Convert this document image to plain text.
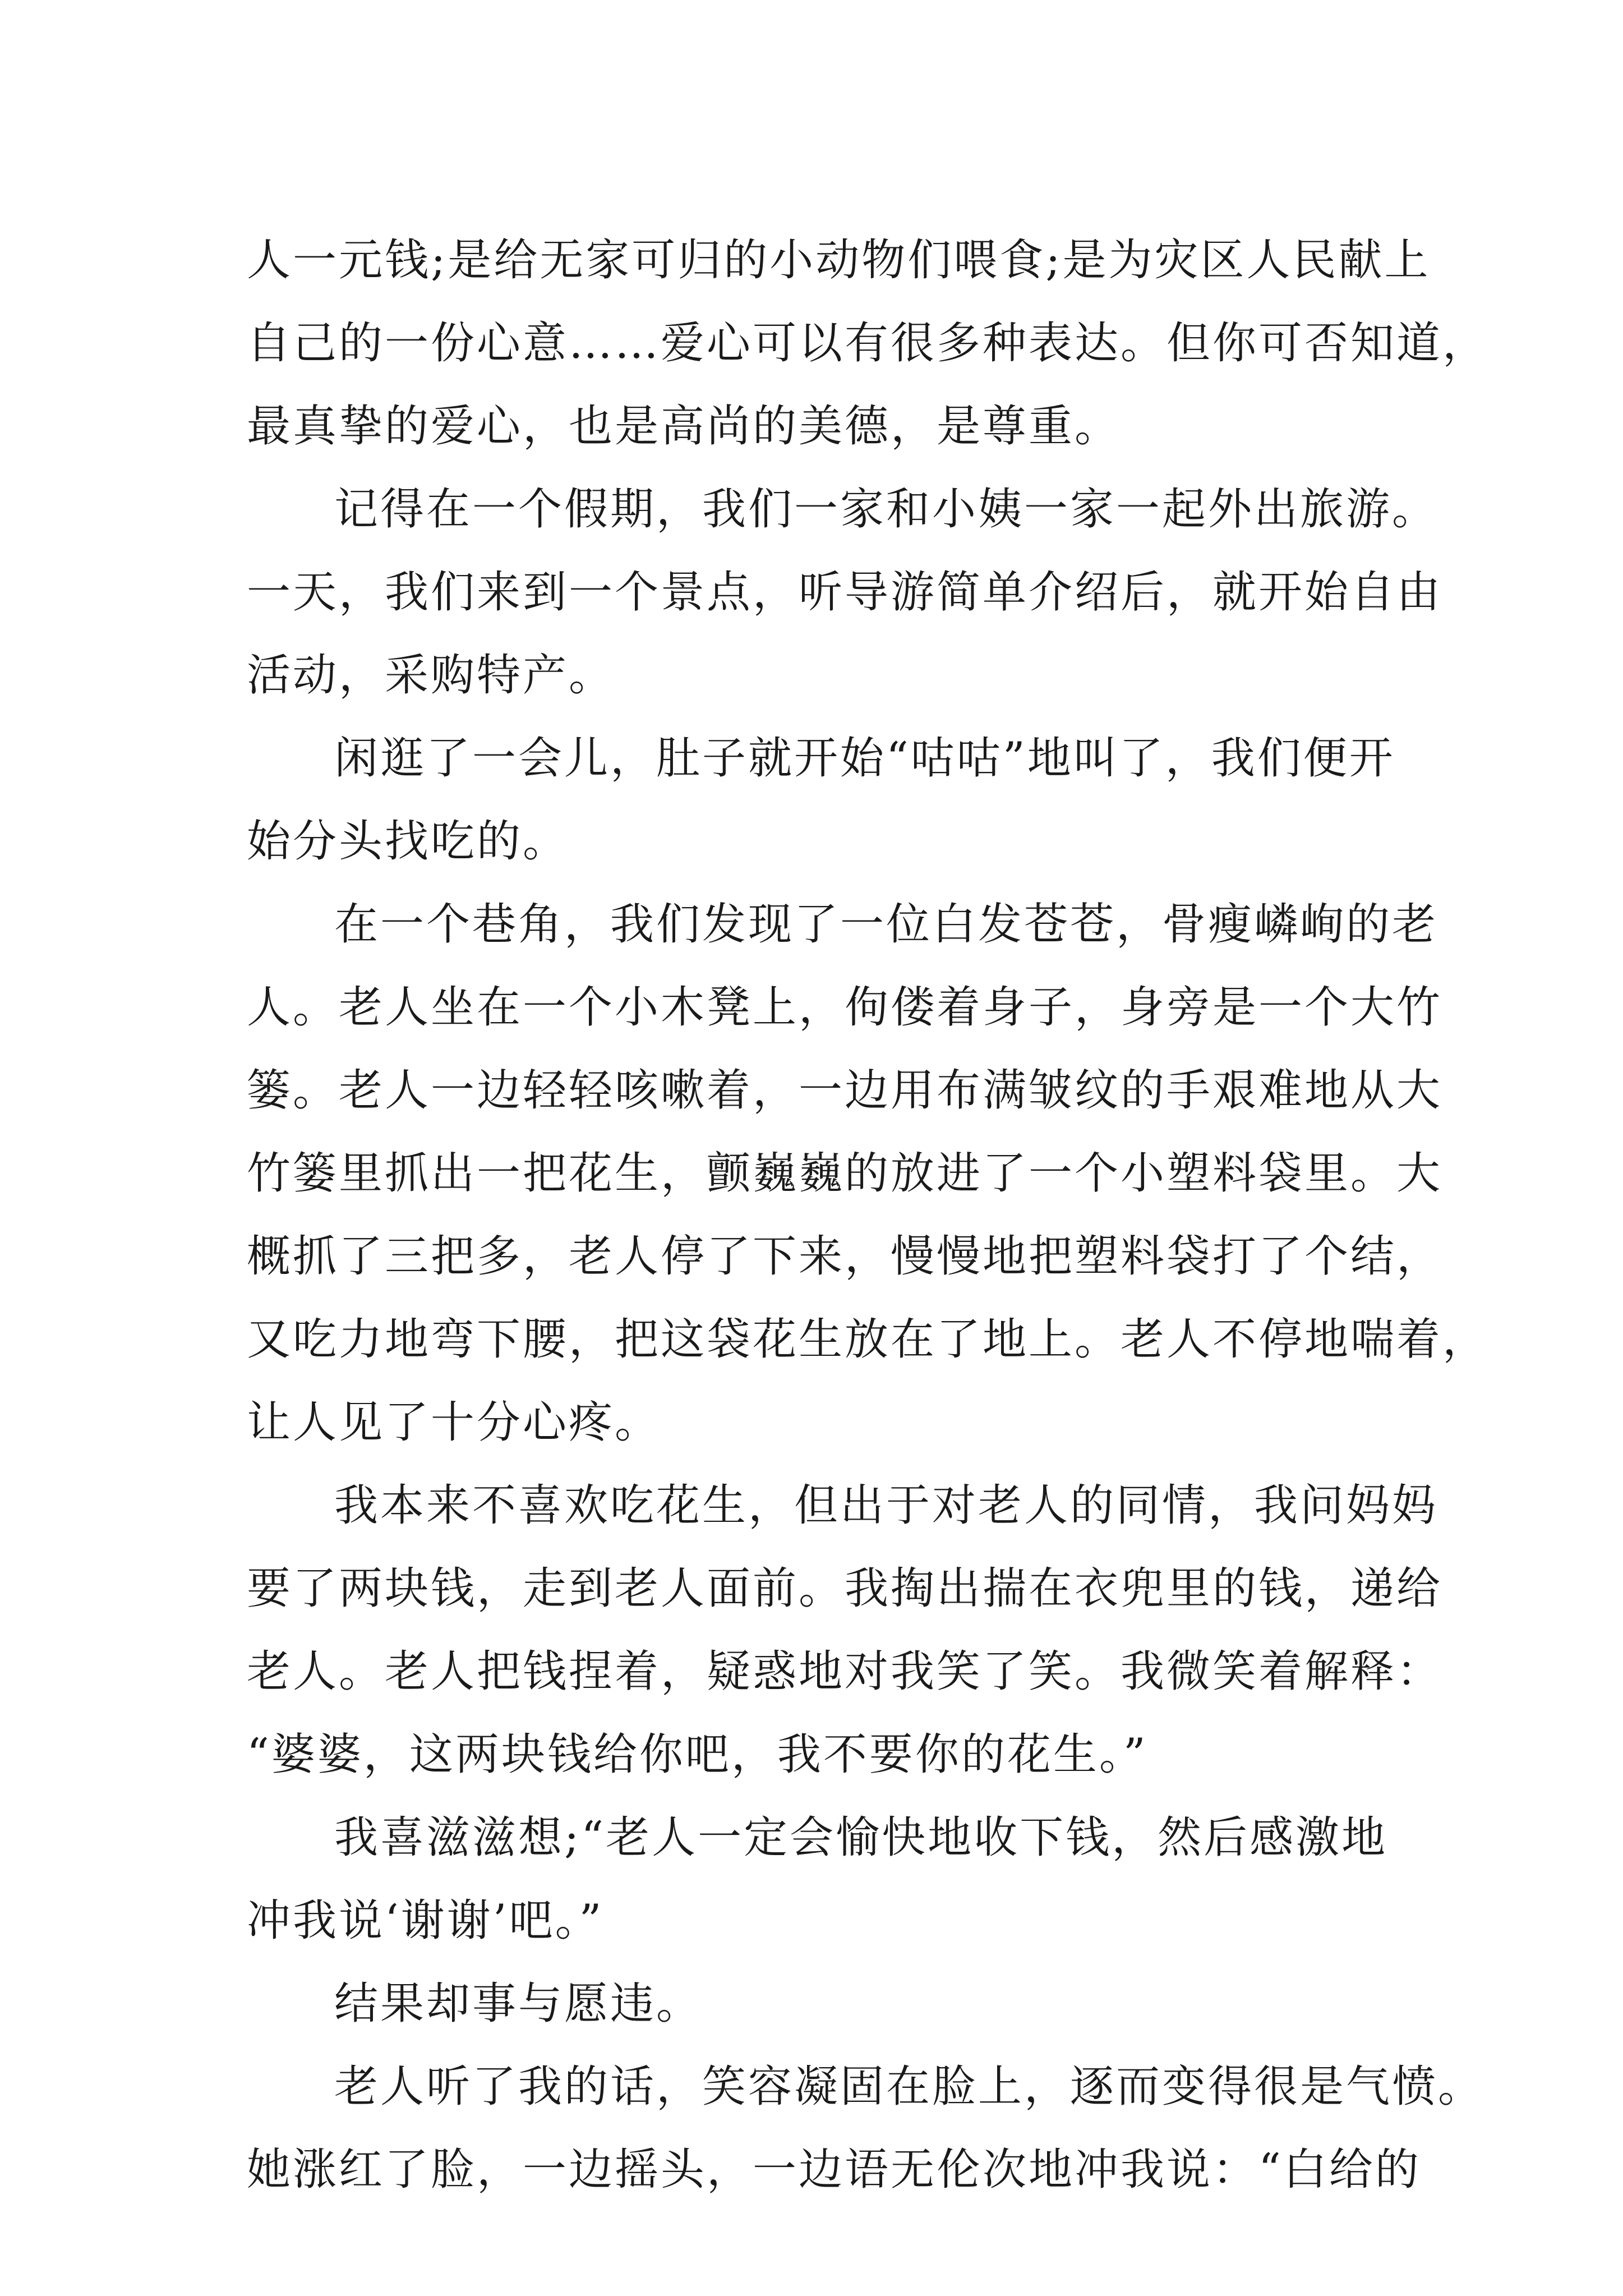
人一元钱;是给无家可归的小动物们喂食;是为灾区人民献上
自己的一份心意……爱心可以有很多种表达。但你可否知道，
最真挚的爱心，也是高尚的美德，是尊重。
记得在一个假期，我们一家和小姨一家一起外出旅游。
一天，我们来到一个景点，听导游简单介绍后，就开始自由
活动，采购特产。
闲逛了一会儿，肚子就开始“咕咕”地叫了，我们便开
始分头找吃的。
在一个巷角，我们发现了一位白发苍苍，骨瘦嶙峋的老
人。老人坐在一个小木凳上，佝偻着身子，身旁是一个大竹
篓。老人一边轻轻咳嗽着，一边用布满皱纹的手艰难地从大
竹篓里抓出一把花生，颤巍巍的放进了一个小塑料袋里。大
概抓了三把多，老人停了下来，慢慢地把塑料袋打了个结，
又吃力地弯下腰，把这袋花生放在了地上。老人不停地喘着，
让人见了十分心疼。
我本来不喜欢吃花生，但出于对老人的同情，我问妈妈
要了两块钱，走到老人面前。我掏出揣在衣兜里的钱，递给
老人。老人把钱捏着，疑惑地对我笑了笑。我微笑着解释：
“婆婆，这两块钱给你吧，我不要你的花生。”
我喜滋滋想;“老人一定会愉快地收下钱，然后感激地
冲我说‘谢谢’吧。”
结果却事与愿违。
老人听了我的话，笑容凝固在脸上，逐而变得很是气愤。
她涨红了脸，一边摇头，一边语无伦次地冲我说：“白给的
